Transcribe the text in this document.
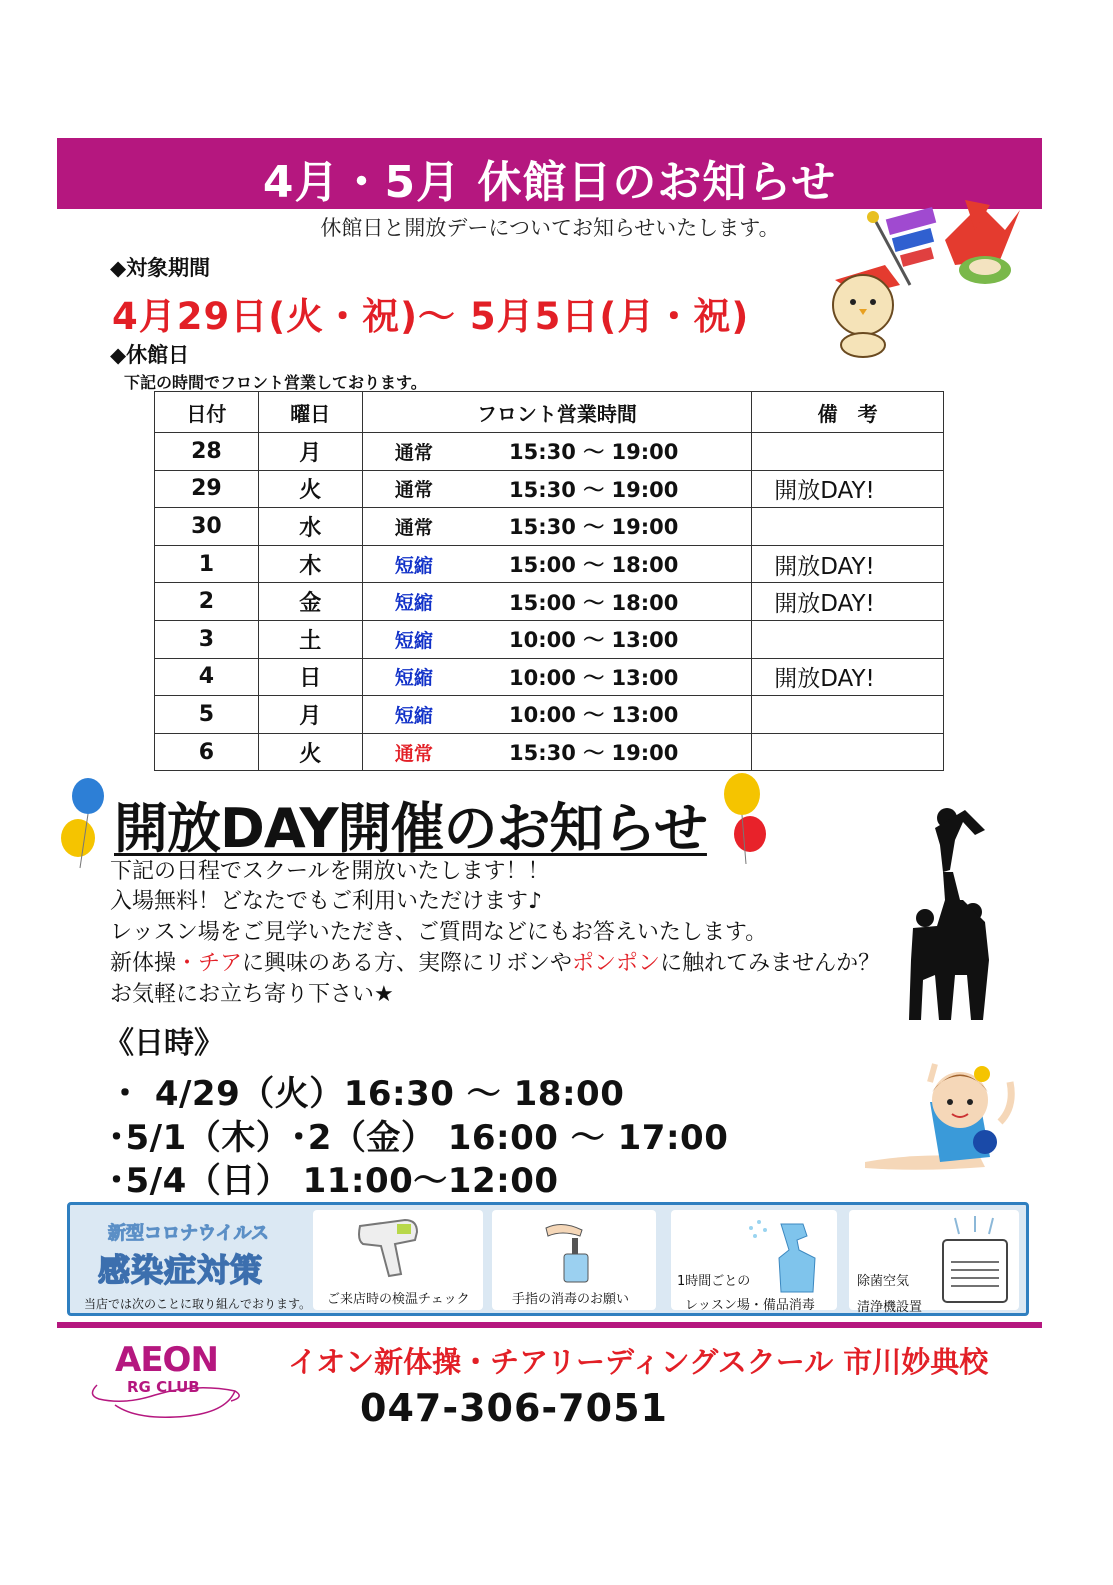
4月・5月 休館日のお知らせ
休館日と開放デーについてお知らせいたします。
◆対象期間
4月29日(火・祝)～ 5月5日(月・祝)
◆休館日
下記の時間でフロント営業しております。
日付	曜日	フロント営業時間		備　考
28	月	通常	15:30 ～ 19:00	
29	火	通常	15:30 ～ 19:00	開放DAY!
30	水	通常	15:30 ～ 19:00	
1	木	短縮	15:00 ～ 18:00	開放DAY!
2	金	短縮	15:00 ～ 18:00	開放DAY!
3	土	短縮	10:00 ～ 13:00	
4	日	短縮	10:00 ～ 13:00	開放DAY!
5	月	短縮	10:00 ～ 13:00	
6	火	通常	15:30 ～ 19:00	
開放DAY開催のお知らせ
下記の日程でスクールを開放いたします！！
入場無料！どなたでもご利用いただけます♪
レッスン場をご見学いただき、ご質問などにもお答えいたします。
新体操・チアに興味のある方、実際にリボンやポンポンに触れてみませんか？
お気軽にお立ち寄り下さい★
《日時》
・ 4/29（火）16:30 ～ 18:00
･5/1（木）･2（金） 16:00 ～ 17:00
･5/4（日） 11:00～12:00
新型コロナウイルス
感染症対策
当店では次のことに取り組んでおります。 ご来店時の検温チェック	手指の消毒のお願い
1時間ごとの
レッスン場・備品消毒
除菌空気
清浄機設置
AEON
RG CLUB
イオン新体操・チアリーディングスクール 市川妙典校
047-306-7051
